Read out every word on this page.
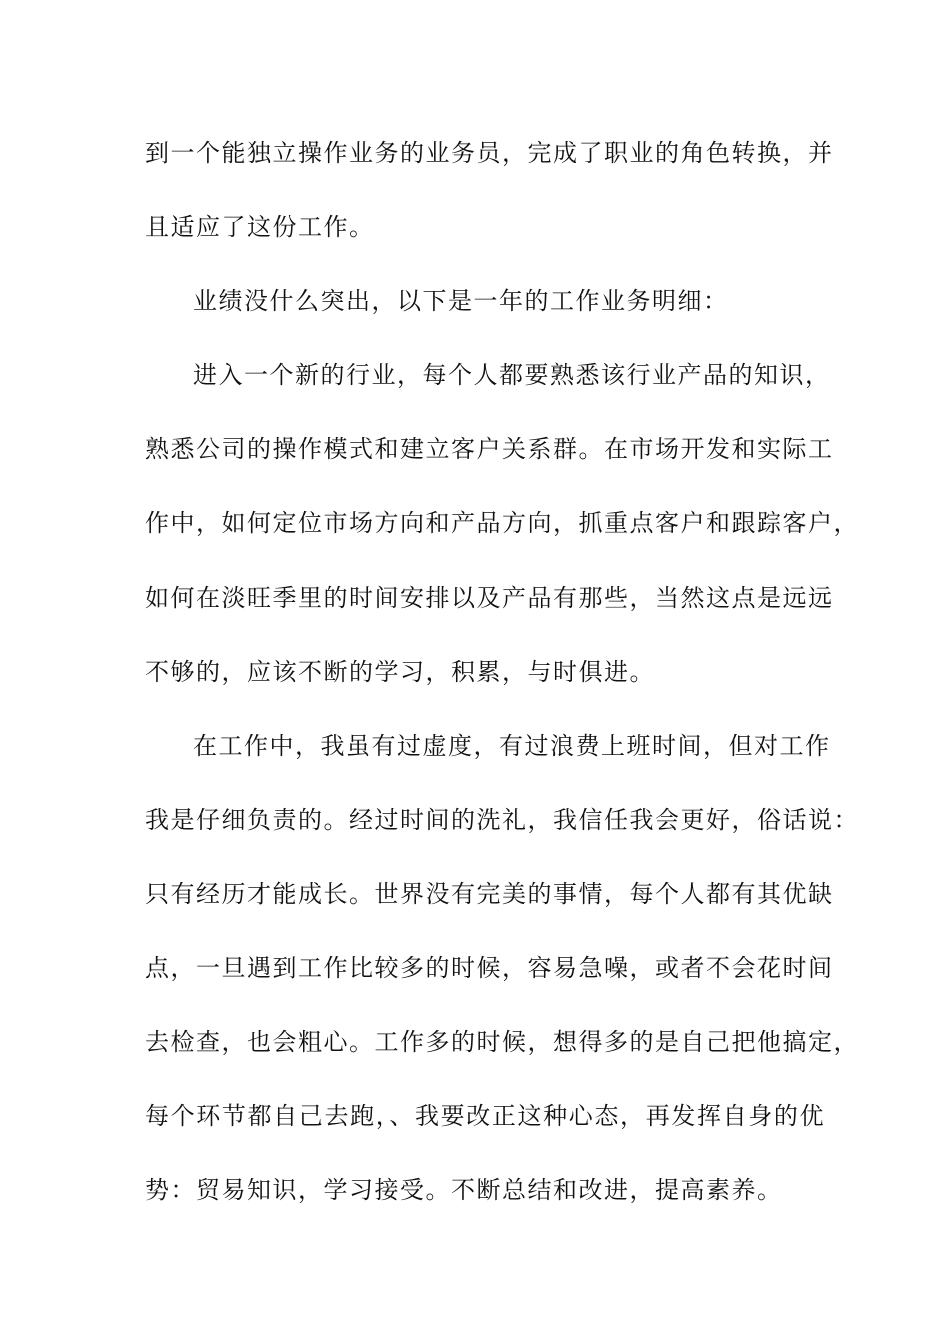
到一个能独立操作业务的业务员，完成了职业的角色转换，并
且适应了这份工作。
业绩没什么突出，以下是一年的工作业务明细：
进入一个新的行业，每个人都要熟悉该行业产品的知识，
熟悉公司的操作模式和建立客户关系群。在市场开发和实际工
作中，如何定位市场方向和产品方向，抓重点客户和跟踪客户，
如何在淡旺季里的时间安排以及产品有那些，当然这点是远远
不够的，应该不断的学习，积累，与时俱进。
在工作中，我虽有过虚度，有过浪费上班时间，但对工作
我是仔细负责的。经过时间的洗礼，我信任我会更好，俗话说：
只有经历才能成长。世界没有完美的事情，每个人都有其优缺
点，一旦遇到工作比较多的时候，容易急噪，或者不会花时间
去检查，也会粗心。工作多的时候，想得多的是自己把他搞定，
每个环节都自己去跑，、我要改正这种心态，再发挥自身的优
势：贸易知识，学习接受。不断总结和改进，提高素养。
